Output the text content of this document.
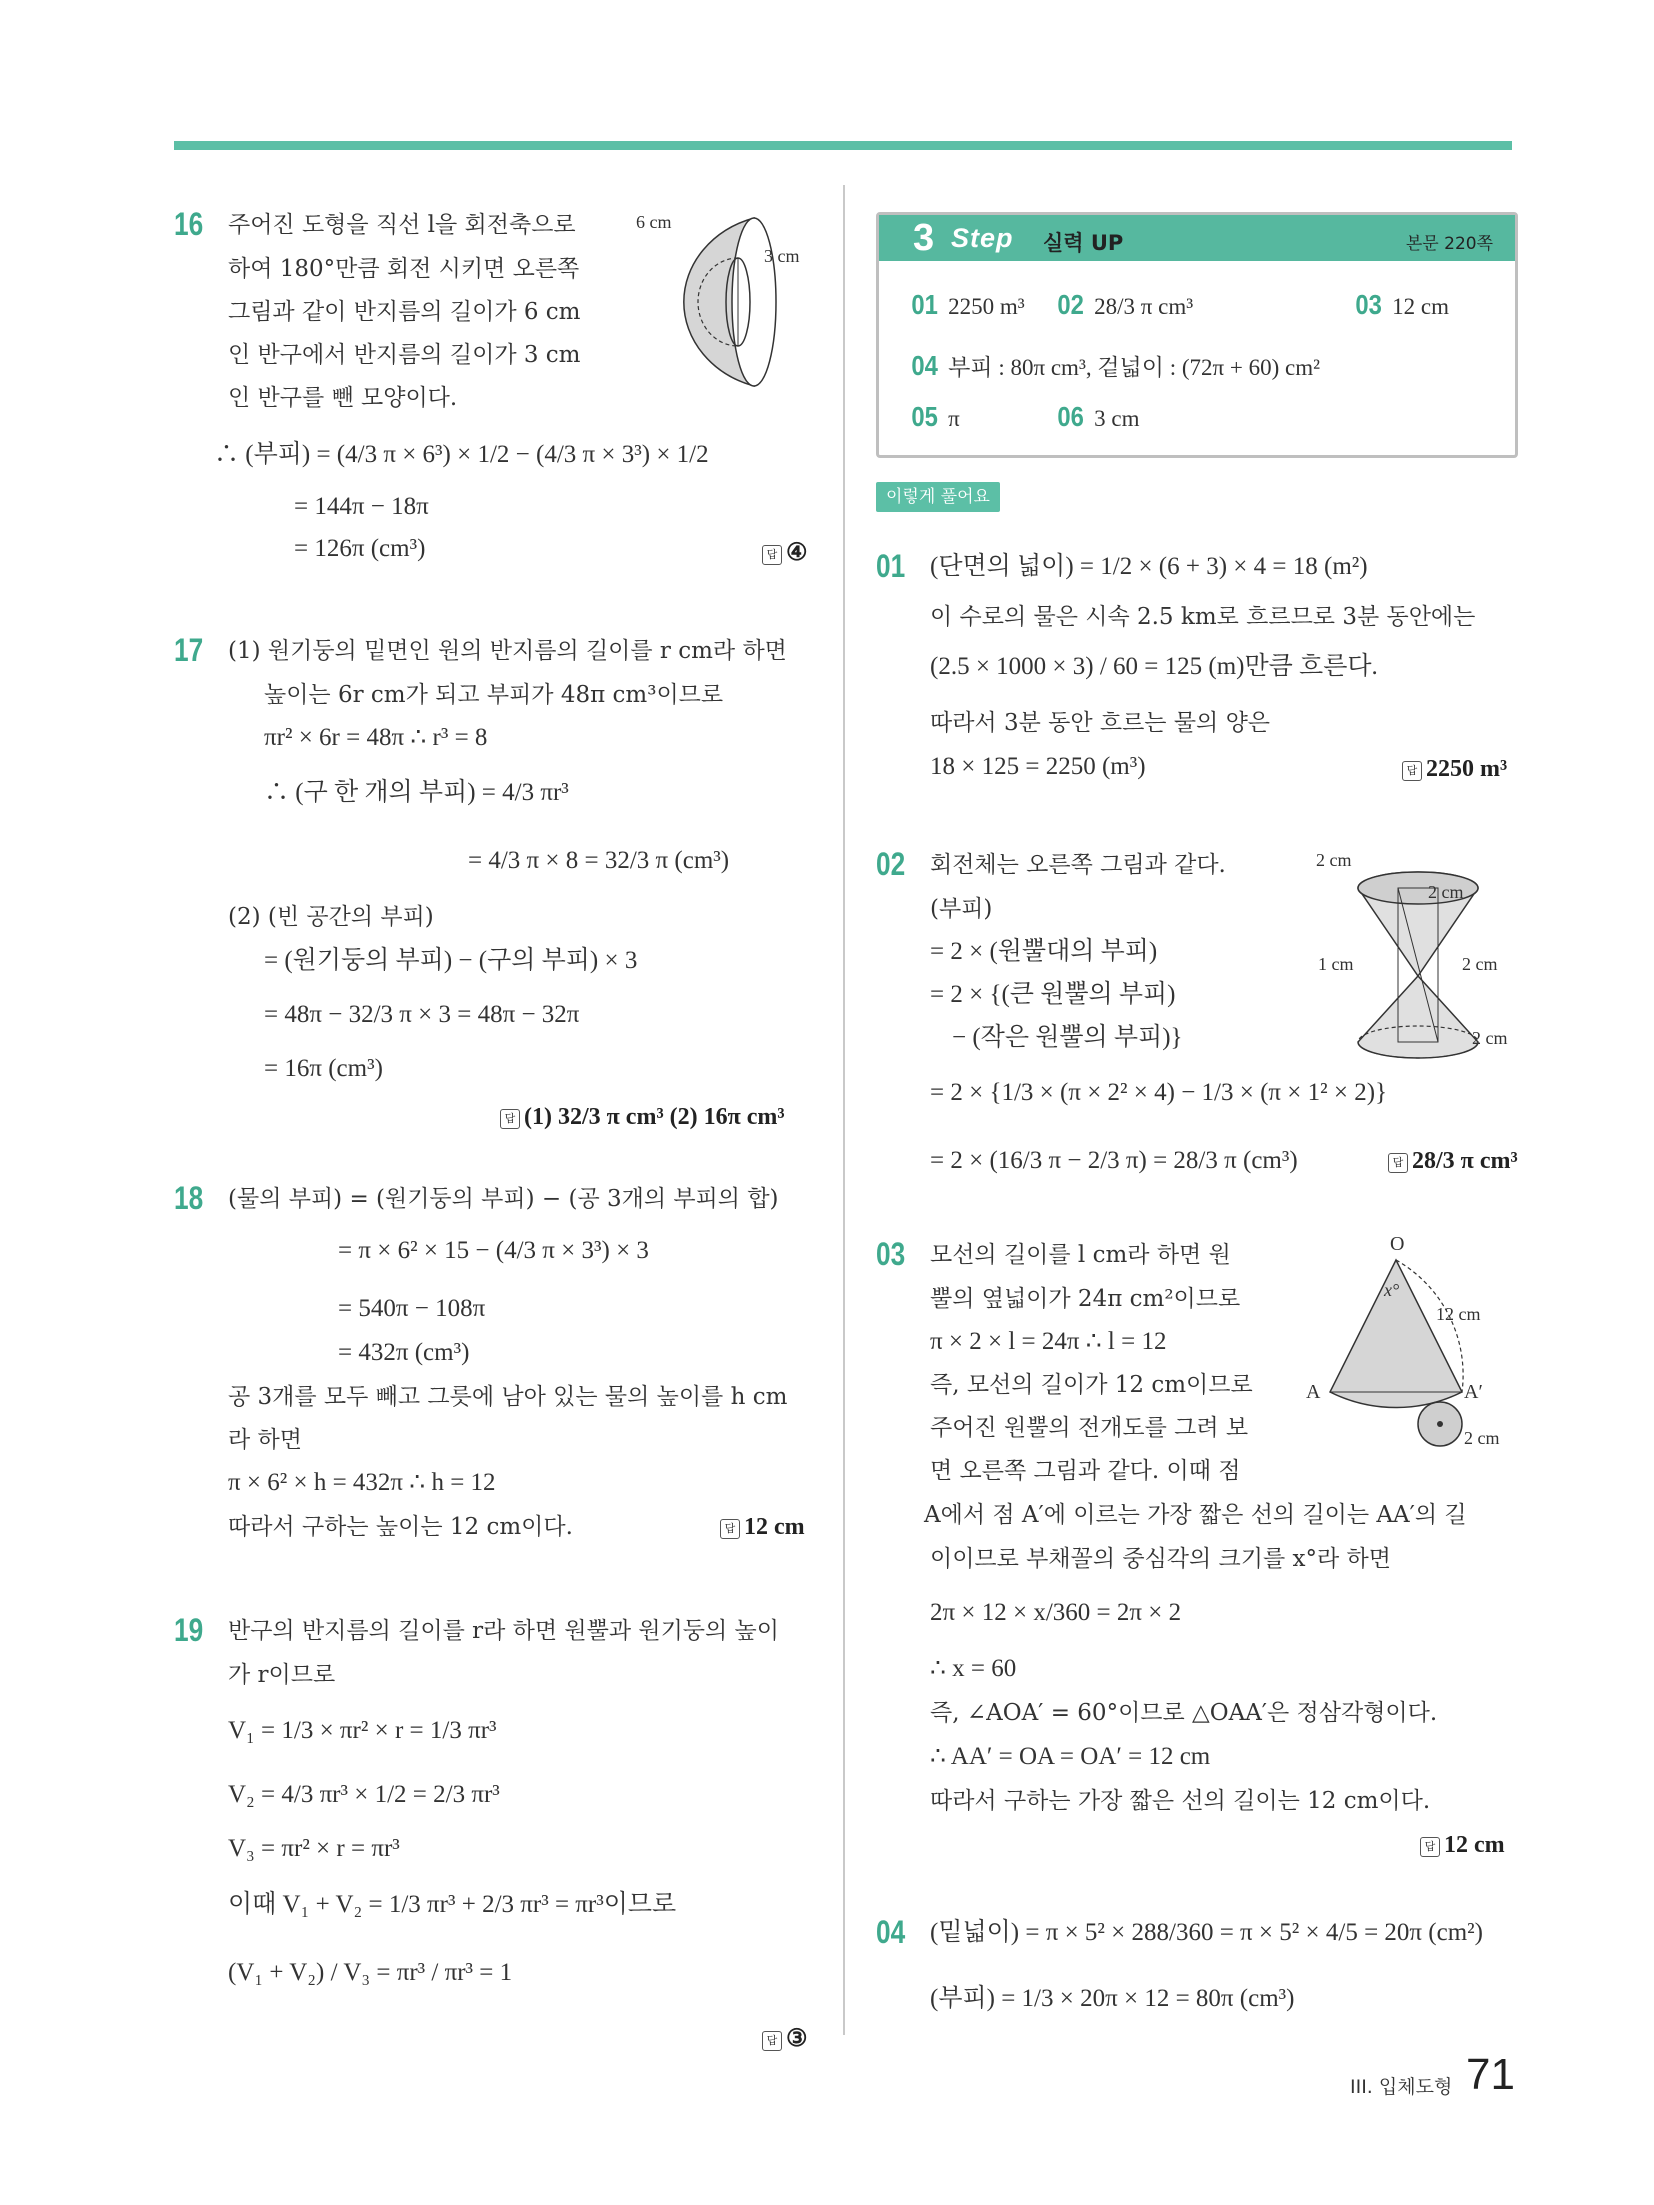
16 주어진 도형을 직선 l을 회전축으로
하여 180°만큼 회전 시키면 오른쪽
그림과 같이 반지름의 길이가 6 cm
인 반구에서 반지름의 길이가 3 cm
인 반구를 뺀 모양이다.
∴ (부피) = (4/3 π × 6³) × 1/2 − (4/3 π × 3³) × 1/2
= 144π − 18π
= 126π (cm³)	답 ④
6 cm
3 cm
17 (1) 원기둥의 밑면인 원의 반지름의 길이를 r cm라 하면
높이는 6r cm가 되고 부피가 48π cm³이므로
πr² × 6r = 48π ∴ r³ = 8
∴ (구 한 개의 부피) = 4/3 πr³
= 4/3 π × 8 = 32/3 π (cm³)
(2) (빈 공간의 부피)
= (원기둥의 부피) − (구의 부피) × 3
= 48π − 32/3 π × 3 = 48π − 32π
= 16π (cm³)
답 (1) 32/3 π cm³ (2) 16π cm³
18 (물의 부피) = (원기둥의 부피) − (공 3개의 부피의 합)
= π × 6² × 15 − (4/3 π × 3³) × 3
= 540π − 108π
= 432π (cm³)
공 3개를 모두 빼고 그릇에 남아 있는 물의 높이를 h cm
라 하면
π × 6² × h = 432π ∴ h = 12
따라서 구하는 높이는 12 cm이다.	답 12 cm
19 반구의 반지름의 길이를 r라 하면 원뿔과 원기둥의 높이
가 r이므로
V₁ = 1/3 × πr² × r = 1/3 πr³
V₂ = 4/3 πr³ × 1/2 = 2/3 πr³
V₃ = πr² × r = πr³
이때 V₁ + V₂ = 1/3 πr³ + 2/3 πr³ = πr³이므로
(V₁ + V₂) / V₃ = πr³ / πr³ = 1
답 ③
3 Step 실력 UP	본문 220쪽
01 2250 m³ 02 28/3 π cm³	03 12 cm
04 부피 : 80π cm³, 겉넓이 : (72π + 60) cm²
05 π	06 3 cm
이렇게 풀어요
01 (단면의 넓이) = 1/2 × (6 + 3) × 4 = 18 (m²)
이 수로의 물은 시속 2.5 km로 흐르므로 3분 동안에는
(2.5 × 1000 × 3) / 60 = 125 (m)만큼 흐른다.
따라서 3분 동안 흐르는 물의 양은
18 × 125 = 2250 (m³)	답 2250 m³
02 회전체는 오른쪽 그림과 같다.
(부피)
= 2 × (원뿔대의 부피)
= 2 × {(큰 원뿔의 부피)
− (작은 원뿔의 부피)}
= 2 × {1/3 × (π × 2² × 4) − 1/3 × (π × 1² × 2)}
= 2 × (16/3 π − 2/3 π) = 28/3 π (cm³)	답 28/3 π cm³
2 cm
2 cm
1 cm	2 cm
2 cm
03 모선의 길이를 l cm라 하면 원
뿔의 옆넓이가 24π cm²이므로
π × 2 × l = 24π ∴ l = 12
즉, 모선의 길이가 12 cm이므로
주어진 원뿔의 전개도를 그려 보
면 오른쪽 그림과 같다. 이때 점
A에서 점 A′에 이르는 가장 짧은 선의 길이는 AA′의 길
이이므로 부채꼴의 중심각의 크기를 x°라 하면
2π × 12 × x/360 = 2π × 2
∴ x = 60
즉, ∠AOA′ = 60°이므로 △OAA′은 정삼각형이다.
∴ AA′ = OA = OA′ = 12 cm
따라서 구하는 가장 짧은 선의 길이는 12 cm이다.
답 12 cm
O
x°
12 cm
A	A′
2 cm
04 (밑넓이) = π × 5² × 288/360 = π × 5² × 4/5 = 20π (cm²)
(부피) = 1/3 × 20π × 12 = 80π (cm³)
III. 입체도형 71
